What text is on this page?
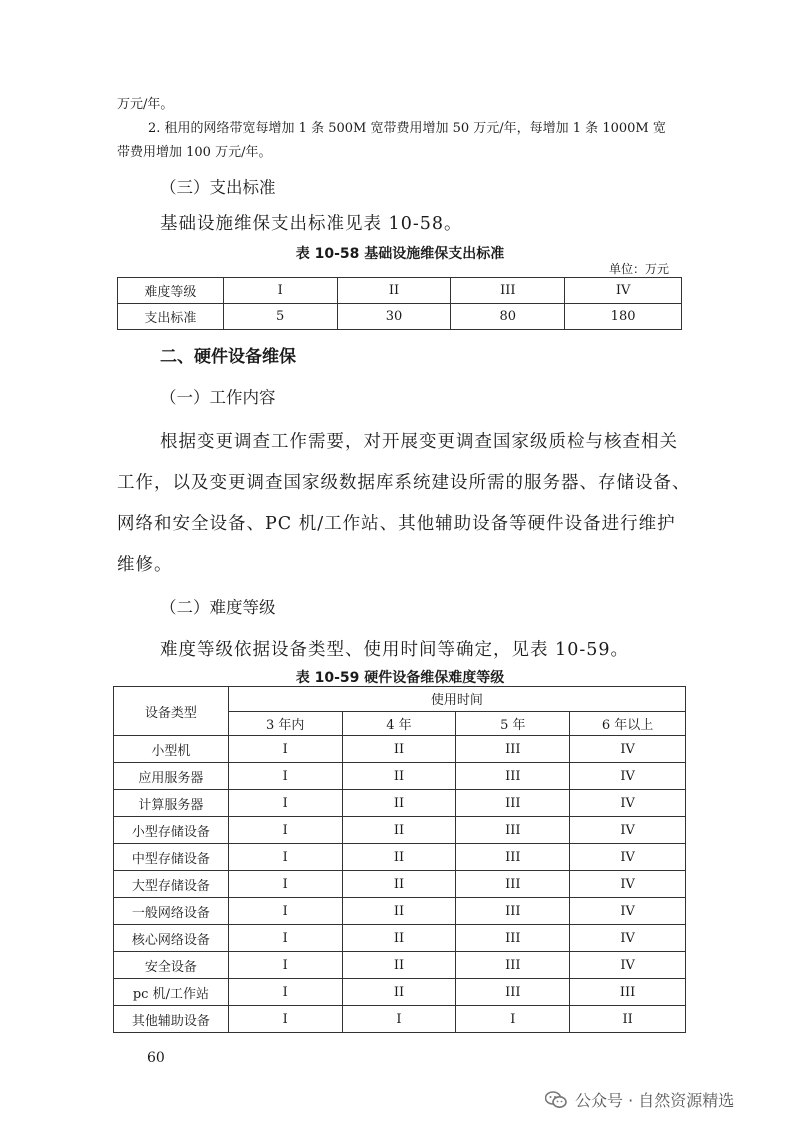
万元/年。
2. 租用的网络带宽每增加 1 条 500M 宽带费用增加 50 万元/年，每增加 1 条 1000M 宽
带费用增加 100 万元/年。
（三）支出标准
基础设施维保支出标准见表 10-58。
表 10-58 基础设施维保支出标准
单位：万元
难度等级	I	II	III	IV
支出标准	5	30	80	180
二、硬件设备维保
（一）工作内容
根据变更调查工作需要，对开展变更调查国家级质检与核查相关
工作，以及变更调查国家级数据库系统建设所需的服务器、存储设备、
网络和安全设备、PC 机/工作站、其他辅助设备等硬件设备进行维护
维修。
（二）难度等级
难度等级依据设备类型、使用时间等确定，见表 10-59。
表 10-59 硬件设备维保难度等级
设备类型	使用时间			
	3 年内	4 年	5 年	6 年以上
小型机	I	II	III	IV
应用服务器	I	II	III	IV
计算服务器	I	II	III	IV
小型存储设备	I	II	III	IV
中型存储设备	I	II	III	IV
大型存储设备	I	II	III	IV
一般网络设备	I	II	III	IV
核心网络设备	I	II	III	IV
安全设备	I	II	III	IV
pc 机/工作站	I	II	III	III
其他辅助设备	I	I	I	II
60
公众号 · 自然资源精选
